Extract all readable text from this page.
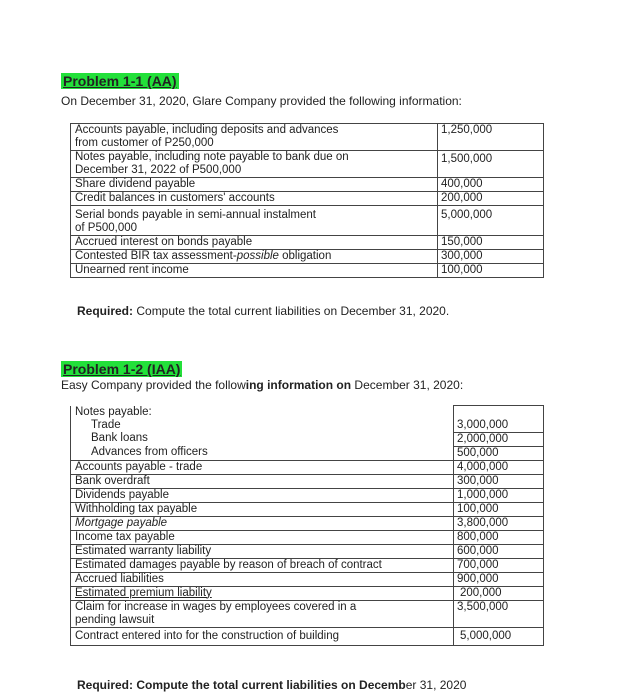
Problem 1-1 (AA)
On December 31, 2020, Glare Company provided the following information:
Accounts payable, including deposits and advances
from customer of P250,000		1,250,000

Notes payable, including note payable to bank due on
December 31, 2022 of P500,000		1,500,000

Share dividend payable		400,000

Credit balances in customers' accounts		200,000

Serial bonds payable in semi-annual instalment
of P500,000		5,000,000

Accrued interest on bonds payable		150,000

Contested BIR tax assessment-possible obligation		300,000

Unearned rent income		100,000
Required: Compute the total current liabilities on December 31, 2020.
Problem 1-2 (IAA)
Easy Company provided the following information on December 31, 2020:
Notes payable:		

Trade		3,000,000

Bank loans		2,000,000

Advances from officers		500,000

Accounts payable - trade		4,000,000

Bank overdraft		300,000

Dividends payable		1,000,000

Withholding tax payable		100,000

Mortgage payable		3,800,000

Income tax payable		800,000

Estimated warranty liability		600,000

Estimated damages payable by reason of breach of contract		700,000

Accrued liabilities		900,000

Estimated premium liability		200,000

Claim for increase in wages by employees covered in a
pending lawsuit		3,500,000

Contract entered into for the construction of building		5,000,000
Required: Compute the total current liabilities on December 31, 2020
